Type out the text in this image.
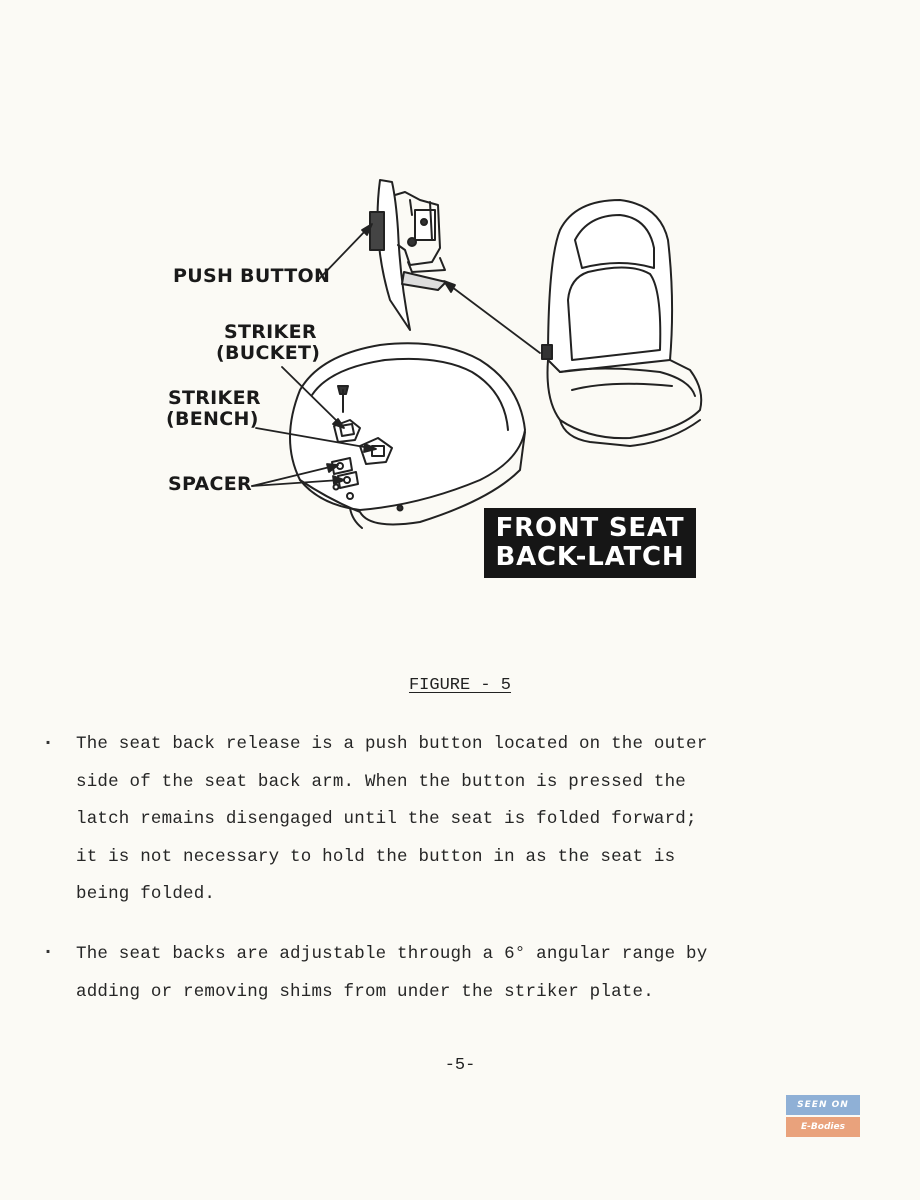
PUSH BUTTON
STRIKER
(BUCKET)
STRIKER
(BENCH)
SPACER
FRONT SEAT
BACK-LATCH
FIGURE - 5
. The seat back release is a push button located on the outer
side of the seat back arm. When the button is pressed the
latch remains disengaged until the seat is folded forward;
it is not necessary to hold the button in as the seat is
being folded.
. The seat backs are adjustable through a 6° angular range by
adding or removing shims from under the striker plate.
-5-
SEEN ON
E-Bodies
